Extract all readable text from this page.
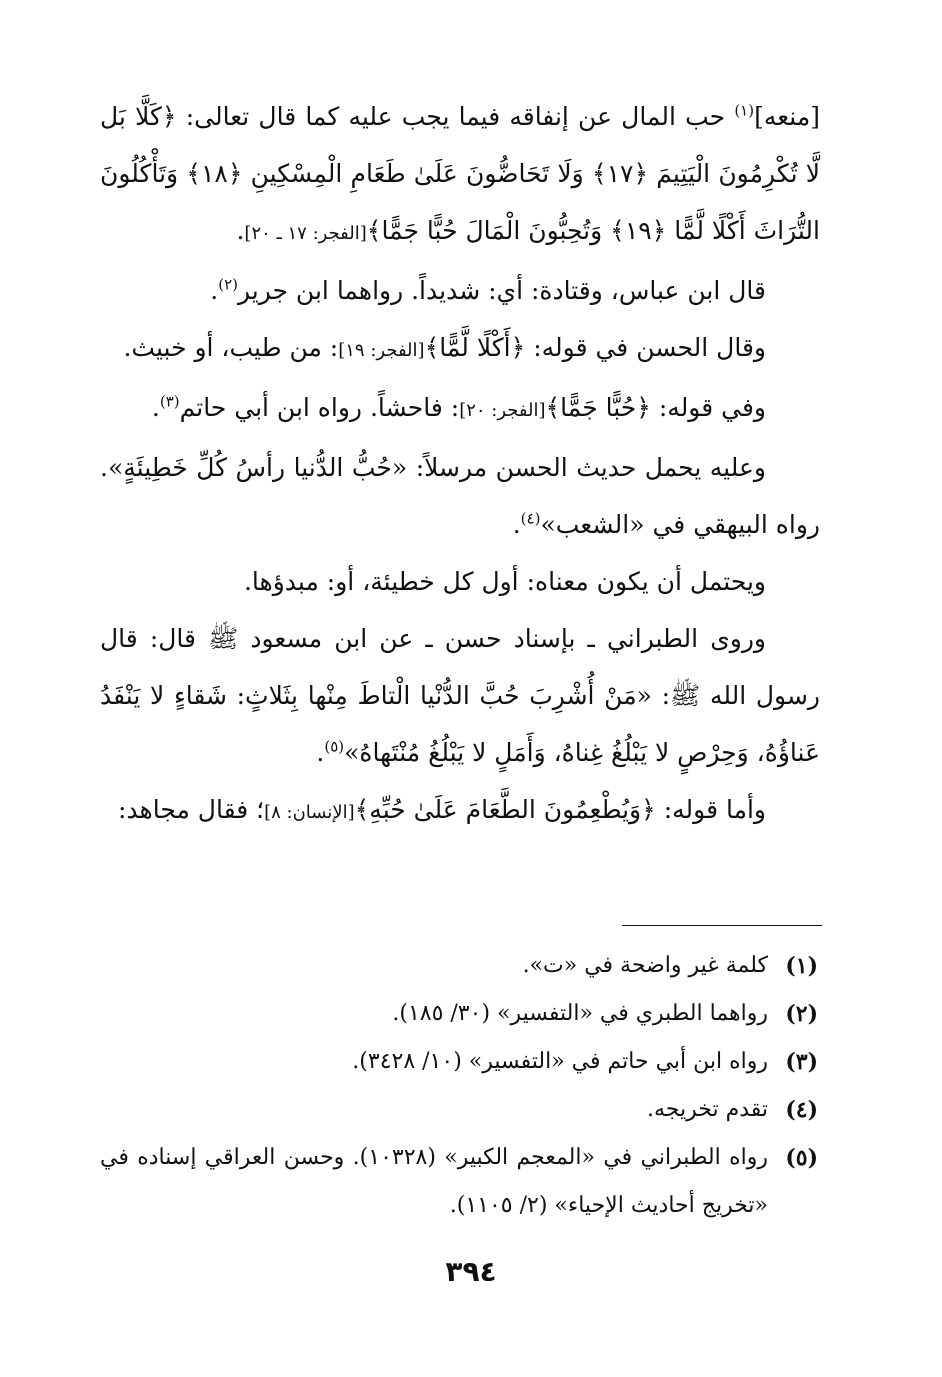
[منعه]$^{(١)}$ حب المال عن إنفاقه فيما يجب عليه كما قال تعالى: ﴿كَلَّا بَل لَّا تُكْرِمُونَ الْيَتِيمَ ﴿١٧﴾ وَلَا تَحَاضُّونَ عَلَىٰ طَعَامِ الْمِسْكِينِ ﴿١٨﴾ وَتَأْكُلُونَ التُّرَاثَ أَكْلًا لَّمًّا ﴿١٩﴾ وَتُحِبُّونَ الْمَالَ حُبًّا جَمًّا﴾[الفجر: ١٧ ـ ٢٠].

قال ابن عباس، وقتادة: أي: شديداً. رواهما ابن جرير$^{(٢)}$.

وقال الحسن في قوله: ﴿أَكْلًا لَّمًّا﴾[الفجر: ١٩]: من طيب، أو خبيث.

وفي قوله: ﴿حُبًّا جَمًّا﴾[الفجر: ٢٠]: فاحشاً. رواه ابن أبي حاتم$^{(٣)}$.

وعليه يحمل حديث الحسن مرسلاً: «حُبُّ الدُّنيا رأسُ كُلِّ خَطِيئَةٍ». رواه البيهقي في «الشعب»$^{(٤)}$.

ويحتمل أن يكون معناه: أول كل خطيئة، أو: مبدؤها.

وروى الطبراني ـ بإسناد حسن ـ عن ابن مسعود ﷺ قال: قال رسول الله ﷺ: «مَنْ أُشْرِبَ حُبَّ الدُّنْيا الْتاطَ مِنْها بِثَلاثٍ: شَقاءٍ لا يَنْفَدُ عَناؤُهُ، وَحِرْصٍ لا يَبْلُغُ غِناهُ، وَأَمَلٍ لا يَبْلُغُ مُنْتَهاهُ»$^{(٥)}$.

وأما قوله: ﴿وَيُطْعِمُونَ الطَّعَامَ عَلَىٰ حُبِّهِ﴾[الإنسان: ٨]؛ فقال مجاهد:

(١)
كلمة غير واضحة في «ت».
(٢)
رواهما الطبري في «التفسير» (٣٠/ ١٨٥).
(٣)
رواه ابن أبي حاتم في «التفسير» (١٠/ ٣٤٢٨).
(٤)
تقدم تخريجه.
(٥)
رواه الطبراني في «المعجم الكبير» (١٠٣٢٨). وحسن العراقي إسناده في «تخريج أحاديث الإحياء» (٢/ ١١٠٥).
٣٩٤
